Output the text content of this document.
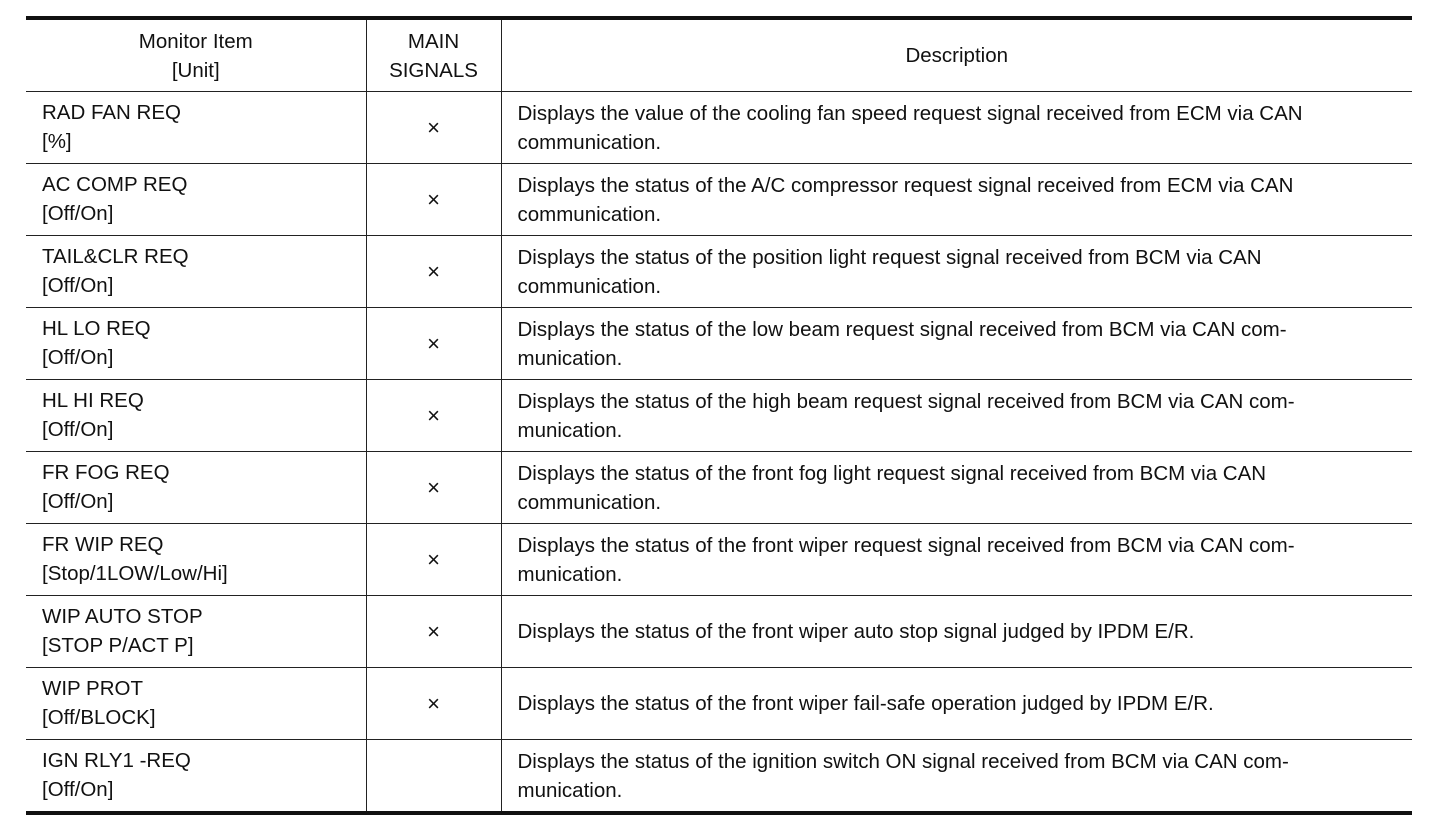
Monitor Item
[Unit]	MAIN
SIGNALS	Description

RAD FAN REQ
[%]	×	Displays the value of the cooling fan speed request signal received from ECM via CAN
communication.

AC COMP REQ
[Off/On]	×	Displays the status of the A/C compressor request signal received from ECM via CAN
communication.

TAIL&CLR REQ
[Off/On]	×	Displays the status of the position light request signal received from BCM via CAN
communication.

HL LO REQ
[Off/On]	×	Displays the status of the low beam request signal received from BCM via CAN com-
munication.

HL HI REQ
[Off/On]	×	Displays the status of the high beam request signal received from BCM via CAN com-
munication.

FR FOG REQ
[Off/On]	×	Displays the status of the front fog light request signal received from BCM via CAN
communication.

FR WIP REQ
[Stop/1LOW/Low/Hi]	×	Displays the status of the front wiper request signal received from BCM via CAN com-
munication.

WIP AUTO STOP
[STOP P/ACT P]	×	Displays the status of the front wiper auto stop signal judged by IPDM E/R.

WIP PROT
[Off/BLOCK]	×	Displays the status of the front wiper fail-safe operation judged by IPDM E/R.

IGN RLY1 -REQ
[Off/On]		Displays the status of the ignition switch ON signal received from BCM via CAN com-
munication.
